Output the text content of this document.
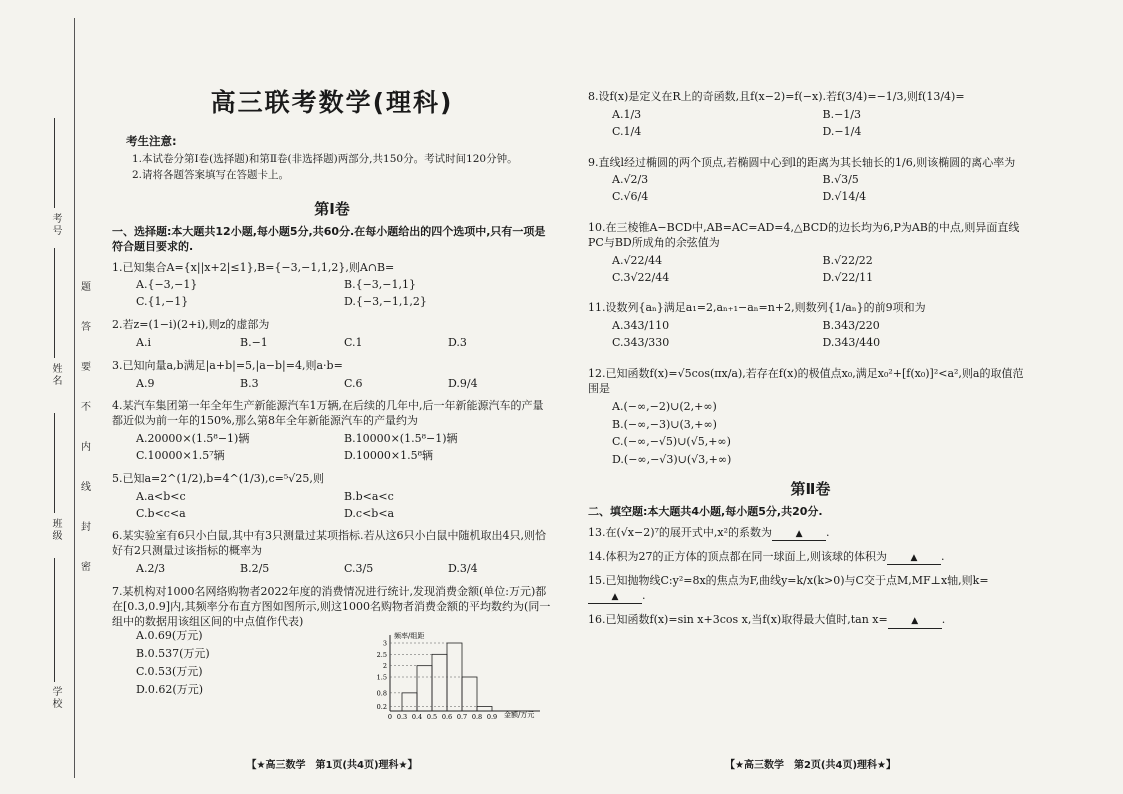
考号
姓名
班级
学校
题
答
要
不
内
线
封
密
高三联考数学(理科)
考生注意:
1.本试卷分第Ⅰ卷(选择题)和第Ⅱ卷(非选择题)两部分,共150分。考试时间120分钟。
2.请将各题答案填写在答题卡上。
第Ⅰ卷
一、选择题:本大题共12小题,每小题5分,共60分.在每小题给出的四个选项中,只有一项是符合题目要求的.
1.已知集合A={x||x+2|≤1},B={−3,−1,1,2},则A∩B=
A.{−3,−1}	B.{−3,−1,1}
C.{1,−1}	D.{−3,−1,1,2}
2.若z=(1−i)(2+i),则z的虚部为
A.i	B.−1	C.1	D.3
3.已知向量a,b满足|a+b|=5,|a−b|=4,则a·b=
A.9	B.3	C.6	D.9/4
4.某汽车集团第一年全年生产新能源汽车1万辆,在后续的几年中,后一年新能源汽车的产量都近似为前一年的150%,那么第8年全年新能源汽车的产量约为
A.20000×(1.5⁸−1)辆	B.10000×(1.5⁸−1)辆
C.10000×1.5⁷辆	D.10000×1.5⁸辆
5.已知a=2^(1/2),b=4^(1/3),c=⁵√25,则
A.a<b<c	B.b<a<c
C.b<c<a	D.c<b<a
6.某实验室有6只小白鼠,其中有3只测量过某项指标.若从这6只小白鼠中随机取出4只,则恰好有2只测量过该指标的概率为
A.2/3	B.2/5	C.3/5	D.3/4
7.某机构对1000名网络购物者2022年度的消费情况进行统计,发现消费金额(单位:万元)都在[0.3,0.9]内,其频率分布直方图如图所示,则这1000名购物者消费金额的平均数约为(同一组中的数据用该组区间的中点值作代表)
A.0.69(万元)
B.0.537(万元)
C.0.53(万元)
D.0.62(万元)
频率/组距
金额/万元
3
2.5
2
1.5
0.8
0.2
0 0.3 0.4 0.5 0.6 0.7 0.8 0.9
【★高三数学　第1页(共4页)理科★】
8.设f(x)是定义在R上的奇函数,且f(x−2)=f(−x).若f(3/4)=−1/3,则f(13/4)=
A.1/3	B.−1/3
C.1/4	D.−1/4
9.直线l经过椭圆的两个顶点,若椭圆中心到l的距离为其长轴长的1/6,则该椭圆的离心率为
A.√2/3	B.√3/5
C.√6/4	D.√14/4
10.在三棱锥A−BCD中,AB=AC=AD=4,△BCD的边长均为6,P为AB的中点,则异面直线PC与BD所成角的余弦值为
A.√22/44	B.√22/22
C.3√22/44	D.√22/11
11.设数列{aₙ}满足a₁=2,aₙ₊₁−aₙ=n+2,则数列{1/aₙ}的前9项和为
A.343/110	B.343/220
C.343/330	D.343/440
12.已知函数f(x)=√5cos(πx/a),若存在f(x)的极值点x₀,满足x₀²+[f(x₀)]²<a²,则a的取值范围是
A.(−∞,−2)∪(2,+∞)
B.(−∞,−3)∪(3,+∞)
C.(−∞,−√5)∪(√5,+∞)
D.(−∞,−√3)∪(√3,+∞)
第Ⅱ卷
二、填空题:本大题共4小题,每小题5分,共20分.
13.在(√x−2)⁷的展开式中,x²的系数为	▲ .
14.体积为27的正方体的顶点都在同一球面上,则该球的体积为	▲ .
15.已知抛物线C:y²=8x的焦点为F,曲线y=k/x(k>0)与C交于点M,MF⊥x轴,则k=▲ .
16.已知函数f(x)=sin x+3cos x,当f(x)取得最大值时,tan x=	▲ .
【★高三数学　第2页(共4页)理科★】
